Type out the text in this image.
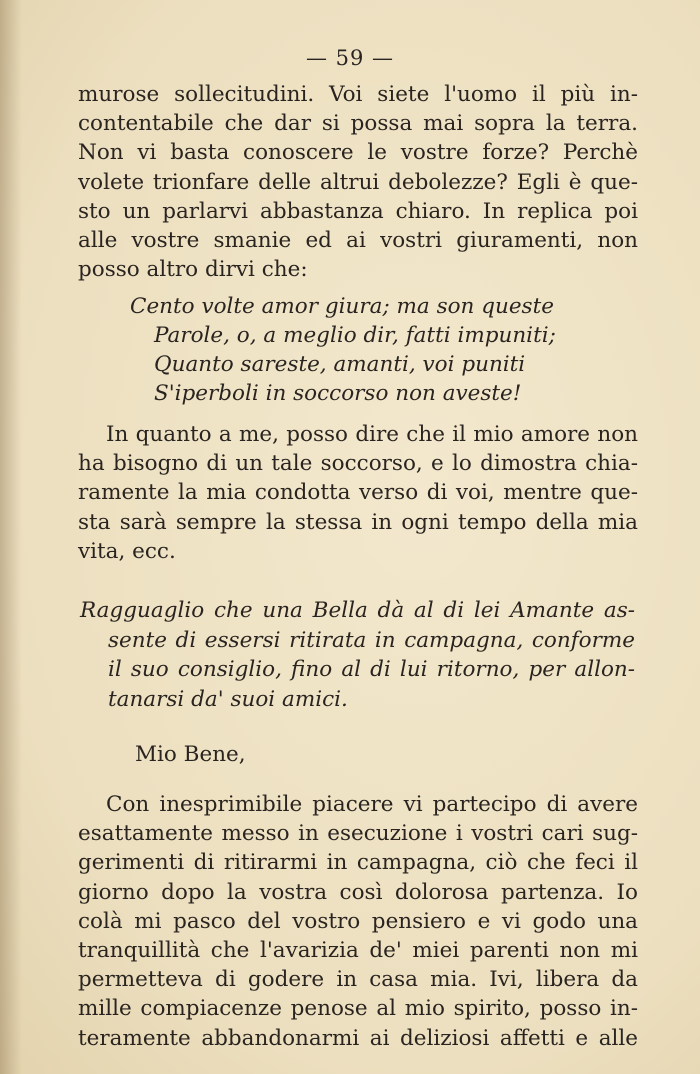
— 59 —
murose sollecitudini. Voi siete l'uomo il più in-
contentabile che dar si possa mai sopra la terra.
Non vi basta conoscere le vostre forze? Perchè
volete trionfare delle altrui debolezze? Egli è que-
sto un parlarvi abbastanza chiaro. In replica poi
alle vostre smanie ed ai vostri giuramenti, non
posso altro dirvi che:
Cento volte amor giura; ma son queste
Parole, o, a meglio dir, fatti impuniti;
Quanto sareste, amanti, voi puniti
S'iperboli in soccorso non aveste!
In quanto a me, posso dire che il mio amore non
ha bisogno di un tale soccorso, e lo dimostra chia-
ramente la mia condotta verso di voi, mentre que-
sta sarà sempre la stessa in ogni tempo della mia
vita, ecc.
Ragguaglio che una Bella dà al di lei Amante as-
sente di essersi ritirata in campagna, conforme
il suo consiglio, fino al di lui ritorno, per allon-
tanarsi da' suoi amici.
Mio Bene,
Con inesprimibile piacere vi partecipo di avere
esattamente messo in esecuzione i vostri cari sug-
gerimenti di ritirarmi in campagna, ciò che feci il
giorno dopo la vostra così dolorosa partenza. Io
colà mi pasco del vostro pensiero e vi godo una
tranquillità che l'avarizia de' miei parenti non mi
permetteva di godere in casa mia. Ivi, libera da
mille compiacenze penose al mio spirito, posso in-
teramente abbandonarmi ai deliziosi affetti e alle
